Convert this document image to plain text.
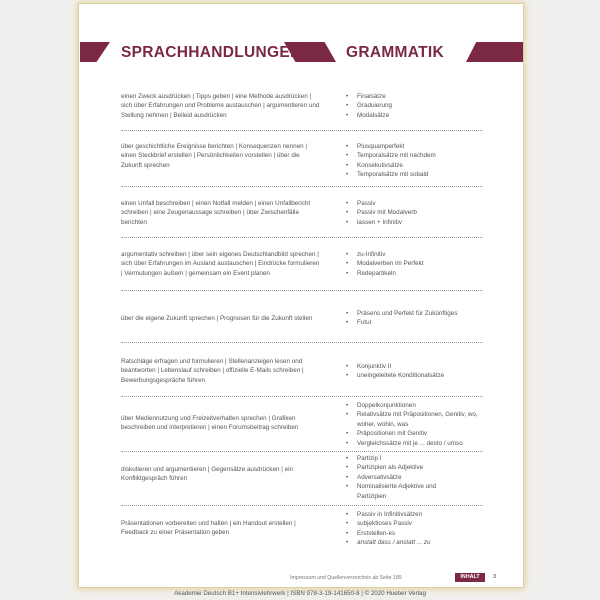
SPRACHHANDLUNGEN	GRAMMATIK
einen Zweck ausdrücken | Tipps geben | eine Methode ausdrücken | sich über Erfahrungen und Probleme austauschen | argumentieren und Stellung nehmen | Beileid ausdrücken
• Finalsätze
• Graduierung
• Modalsätze
über geschichtliche Ereignisse berichten | Konsequenzen nennen | einen Steckbrief erstellen | Persönlichkeiten vorstellen | über die Zukunft sprechen
• Plusquamperfekt
• Temporalsätze mit nachdem
• Konsekutivsätze
• Temporalsätze mit sobald
einen Unfall beschreiben | einen Notfall melden | einen Unfallbericht schreiben | eine Zeugenaussage schreiben | über Zwischenfälle berichten
• Passiv
• Passiv mit Modalverb
• lassen + Infinitiv
argumentativ schreiben | über sein eigenes Deutschlandbild sprechen | sich über Erfahrungen im Ausland austauschen | Eindrücke formulieren | Vermutungen äußern | gemeinsam ein Event planen
• zu-Infinitiv
• Modalverben im Perfekt
• Redepartikeln
über die eigene Zukunft sprechen | Prognosen für die Zukunft stellen
• Präsens und Perfekt für Zukünftiges
• Futur
Ratschläge erfragen und formulieren | Stellenanzeigen lesen und beantworten | Lebenslauf schreiben | offizielle E-Mails schreiben | Bewerbungsgespräche führen
• Konjunktiv II
• uneingeleitete Konditionalsätze
über Mediennutzung und Freizeitverhalten sprechen | Grafiken beschreiben und interpretieren | einen Forumsbeitrag schreiben
• Doppelkonjunktionen
• Relativsätze mit Präpositionen, Genitiv, wo, woher, wohin, was
• Präpositionen mit Genitiv
• Vergleichssätze mit je ... desto / umso
diskutieren und argumentieren | Gegensätze ausdrücken | ein Konfliktgespräch führen
• Partizip I
• Partizipien als Adjektive
• Adversativsätze
• Nominalisierte Adjektive und Partizipien
Präsentationen vorbereiten und halten | ein Handout erstellen | Feedback zu einer Präsentation geben
• Passiv in Infinitivsätzen
• subjektloses Passiv
• Erststellen-es
• anstatt dass / anstatt ... zu
Impressum und Quellenverzeichnis ab Seite 189	INHALT	3
Akademie Deutsch B1+ Intensivlehrwerk | ISBN 978-3-19-141650-8 | © 2020 Hueber Verlag
